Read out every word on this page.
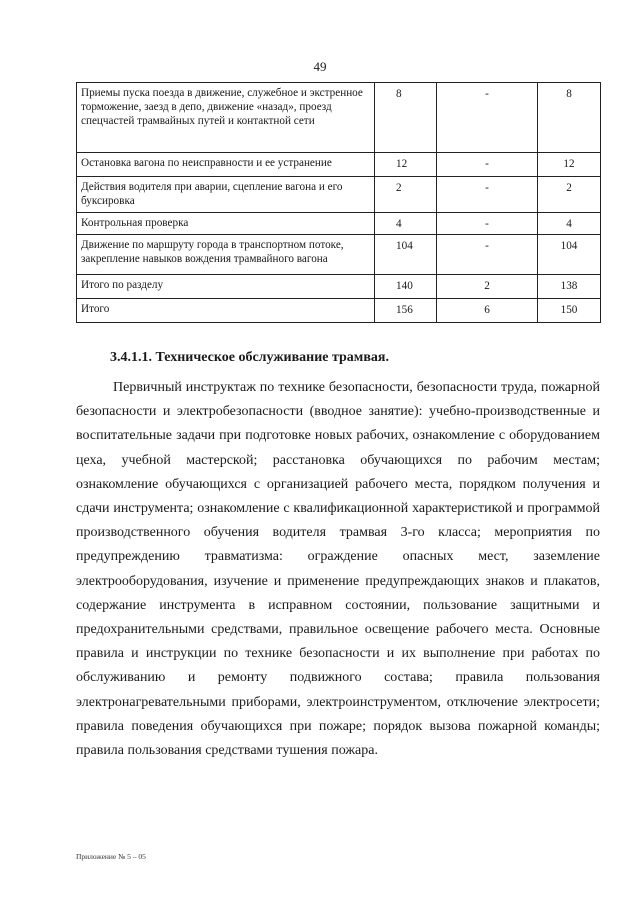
49
Приемы пуска поезда в движение, служебное и экстренное торможение, заезд в депо, движение «назад», проезд спецчастей трамвайных путей и контактной сети	8	-	8
Остановка вагона по неисправности и ее устранение	12	-	12
Действия водителя при аварии, сцепление вагона и его буксировка	2	-	2
Контрольная проверка	4	-	4
Движение по маршруту города в транспортном потоке, закрепление навыков вождения трамвайного вагона	104	-	104
Итого по разделу	140	2	138
Итого	156	6	150
3.4.1.1. Техническое обслуживание трамвая.

Первичный инструктаж по технике безопасности, безопасности труда, пожарной безопасности и электробезопасности (вводное занятие): учебно-производственные и воспитательные задачи при подготовке новых рабочих, ознакомление с оборудованием цеха, учебной мастерской; расстановка обучающихся по рабочим местам; ознакомление обучающихся с организацией рабочего места, порядком получения и сдачи инструмента; ознакомление с квалификационной характеристикой и программой производственного обучения водителя трамвая 3-го класса; мероприятия по предупреждению травматизма: ограждение опасных мест, заземление электрооборудования, изучение и применение предупреждающих знаков и плакатов, содержание инструмента в исправном состоянии, пользование защитными и предохранительными средствами, правильное освещение рабочего места. Основные правила и инструкции по технике безопасности и их выполнение при работах по обслуживанию и ремонту подвижного состава; правила пользования электронагревательными приборами, электроинструментом, отключение электросети; правила поведения обучающихся при пожаре; порядок вызова пожарной команды; правила пользования средствами тушения пожара.

Приложение № 5 – 05
